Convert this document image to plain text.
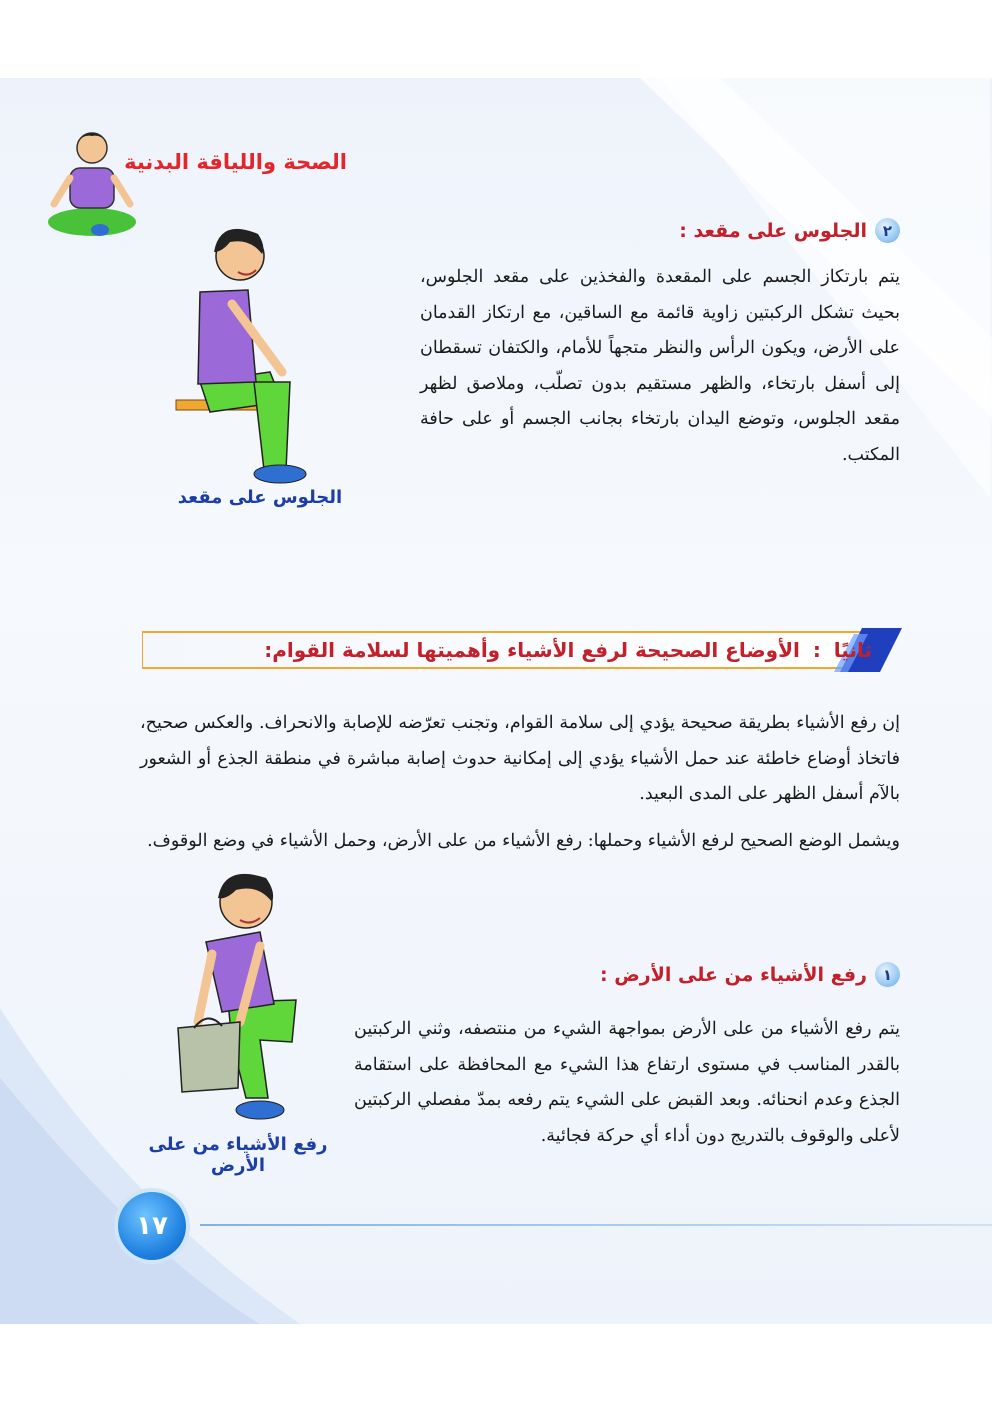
الصحة واللياقة البدنية
٢
الجلوس على مقعد :
يتم بارتكاز الجسم على المقعدة والفخذين على مقعد الجلوس، بحيث تشكل الركبتين زاوية قائمة مع الساقين، مع ارتكاز القدمان على الأرض، ويكون الرأس والنظر متجهاً للأمام، والكتفان تسقطان إلى أسفل بارتخاء، والظهر مستقيم بدون تصلّب، وملاصق لظهر مقعد الجلوس، وتوضع اليدان بارتخاء بجانب الجسم أو على حافة المكتب.
الجلوس على مقعد
ثانيًا : الأوضاع الصحيحة لرفع الأشياء وأهميتها لسلامة القوام:
إن رفع الأشياء بطريقة صحيحة يؤدي إلى سلامة القوام، وتجنب تعرّضه للإصابة والانحراف. والعكس صحيح، فاتخاذ أوضاع خاطئة عند حمل الأشياء يؤدي إلى إمكانية حدوث إصابة مباشرة في منطقة الجذع أو الشعور بالآم أسفل الظهر على المدى البعيد.
ويشمل الوضع الصحيح لرفع الأشياء وحملها: رفع الأشياء من على الأرض، وحمل الأشياء في وضع الوقوف.
١
رفع الأشياء من على الأرض :
يتم رفع الأشياء من على الأرض بمواجهة الشيء من منتصفه، وثني الركبتين بالقدر المناسب في مستوى ارتفاع هذا الشيء مع المحافظة على استقامة الجذع وعدم انحنائه. وبعد القبض على الشيء يتم رفعه بمدّ مفصلي الركبتين لأعلى والوقوف بالتدريج دون أداء أي حركة فجائية.
رفع الأشياء من على الأرض
١٧
